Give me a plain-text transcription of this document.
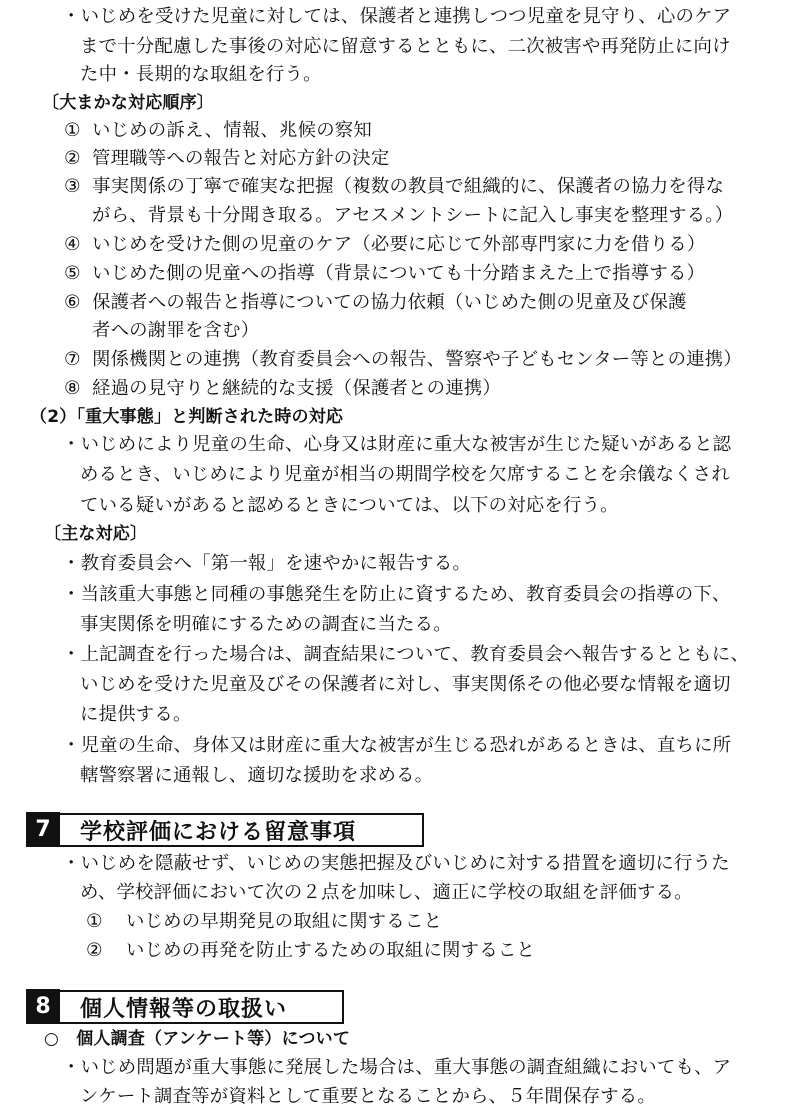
・いじめを受けた児童に対しては、保護者と連携しつつ児童を見守り、心のケア
まで十分配慮した事後の対応に留意するとともに、二次被害や再発防止に向け
た中・長期的な取組を行う。
〔大まかな対応順序〕
① いじめの訴え、情報、兆候の察知
② 管理職等への報告と対応方針の決定
③ 事実関係の丁寧で確実な把握（複数の教員で組織的に、保護者の協力を得な
がら、背景も十分聞き取る。アセスメントシートに記入し事実を整理する。）
④ いじめを受けた側の児童のケア（必要に応じて外部専門家に力を借りる）
⑤ いじめた側の児童への指導（背景についても十分踏まえた上で指導する）
⑥ 保護者への報告と指導についての協力依頼（いじめた側の児童及び保護
者への謝罪を含む）
⑦ 関係機関との連携（教育委員会への報告、警察や子どもセンター等との連携）
⑧ 経過の見守りと継続的な支援（保護者との連携）
（2）「重大事態」と判断された時の対応
・いじめにより児童の生命、心身又は財産に重大な被害が生じた疑いがあると認
めるとき、いじめにより児童が相当の期間学校を欠席することを余儀なくされ
ている疑いがあると認めるときについては、以下の対応を行う。
〔主な対応〕
・教育委員会へ「第一報」を速やかに報告する。
・当該重大事態と同種の事態発生を防止に資するため、教育委員会の指導の下、
事実関係を明確にするための調査に当たる。
・上記調査を行った場合は、調査結果について、教育委員会へ報告するとともに、
いじめを受けた児童及びその保護者に対し、事実関係その他必要な情報を適切
に提供する。
・児童の生命、身体又は財産に重大な被害が生じる恐れがあるときは、直ちに所
轄警察署に通報し、適切な援助を求める。
7	学校評価における留意事項
・いじめを隠蔽せず、いじめの実態把握及びいじめに対する措置を適切に行うた
め、学校評価において次の２点を加味し、適正に学校の取組を評価する。
① いじめの早期発見の取組に関すること
② いじめの再発を防止するための取組に関すること
8	個人情報等の取扱い
○　個人調査（アンケート等）について
・いじめ問題が重大事態に発展した場合は、重大事態の調査組織においても、ア
ンケート調査等が資料として重要となることから、５年間保存する。
